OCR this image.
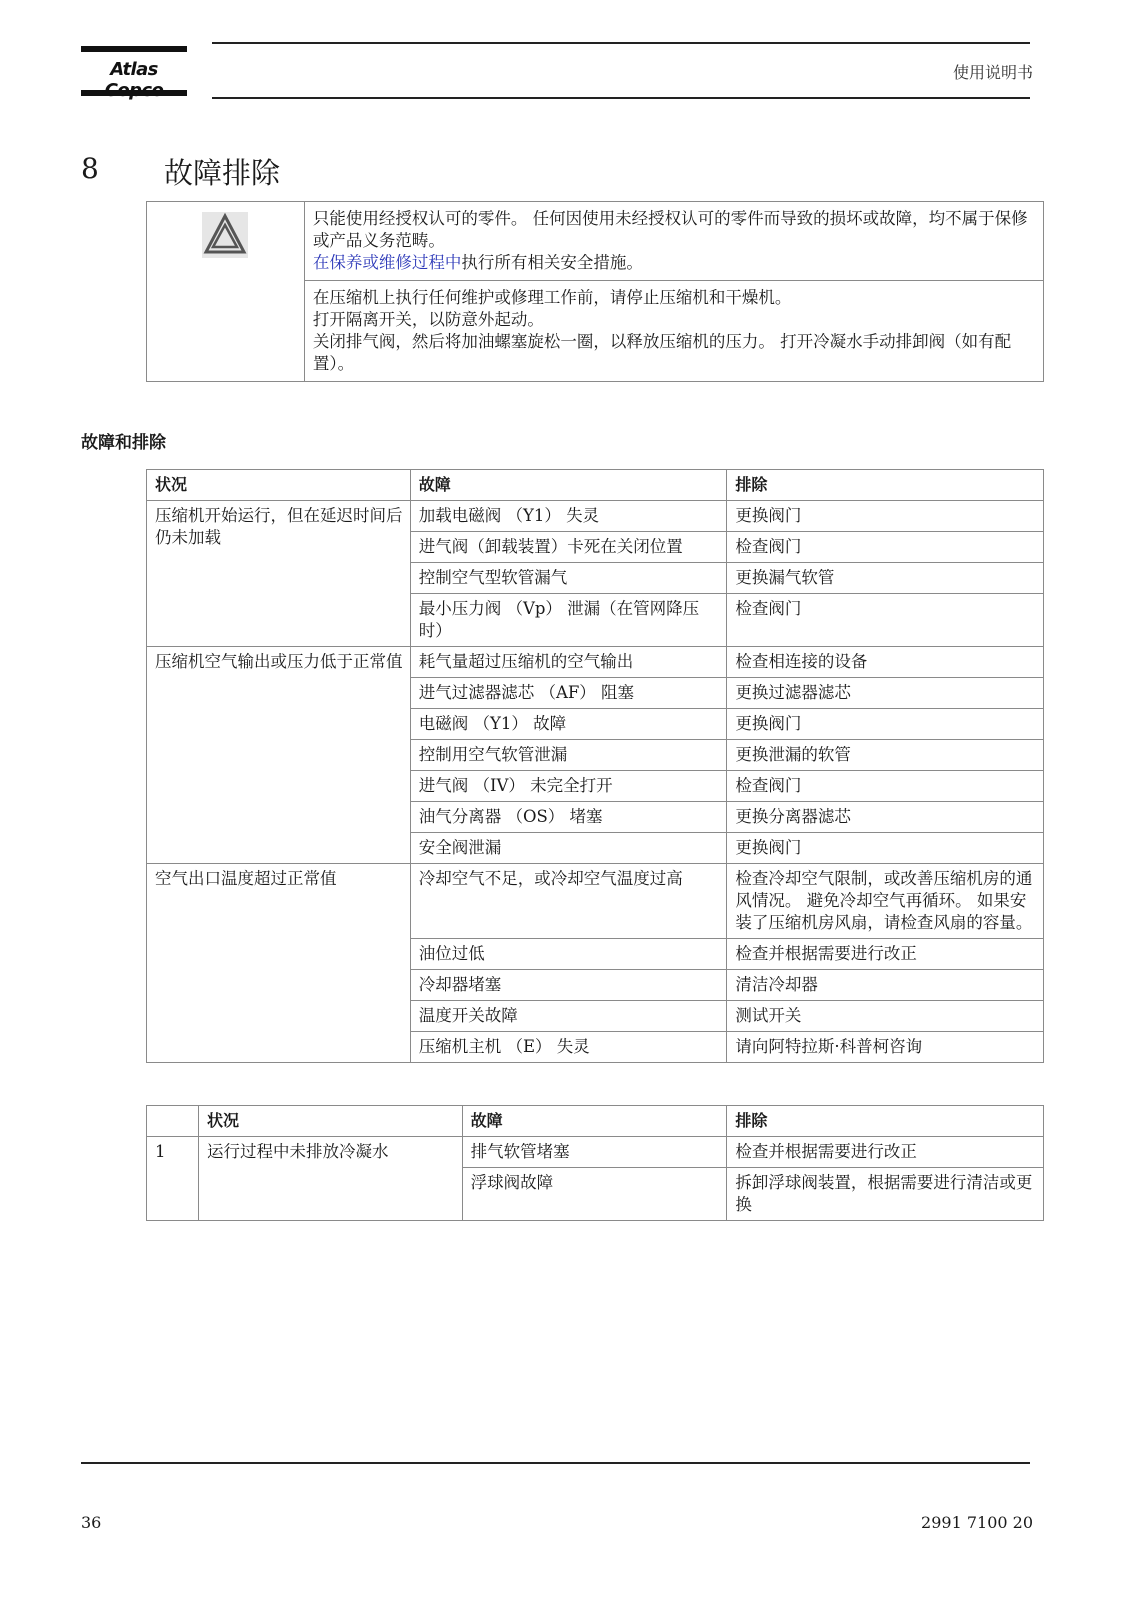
Atlas	使用说明书
8 故障排除

只能使用经授权认可的零件。 任何因使用未经授权认可的零件而导致的损坏或故障，均不属于保修或产品义务范畴。
在保养或维修过程中执行所有相关安全措施。

在压缩机上执行任何维护或修理工作前，请停止压缩机和干燥机。
打开隔离开关，以防意外起动。
关闭排气阀，然后将加油螺塞旋松一圈，以释放压缩机的压力。 打开冷凝水手动排卸阀（如有配置）。
故障和排除
状况	故障	排除
压缩机开始运行，但在延迟时间后仍未加载	加载电磁阀 （Y1） 失灵	更换阀门
	进气阀（卸载装置）卡死在关闭位置	检查阀门
	控制空气型软管漏气	更换漏气软管
	最小压力阀 （Vp） 泄漏（在管网降压时）	检查阀门
压缩机空气输出或压力低于正常值	耗气量超过压缩机的空气输出	检查相连接的设备
	进气过滤器滤芯 （AF） 阻塞	更换过滤器滤芯
	电磁阀 （Y1） 故障	更换阀门
	控制用空气软管泄漏	更换泄漏的软管
	进气阀 （IV） 未完全打开	检查阀门
	油气分离器 （OS） 堵塞	更换分离器滤芯
	安全阀泄漏	更换阀门
空气出口温度超过正常值	冷却空气不足，或冷却空气温度过高	检查冷却空气限制，或改善压缩机房的通风情况。 避免冷却空气再循环。 如果安装了压缩机房风扇，请检查风扇的容量。
	油位过低	检查并根据需要进行改正
	冷却器堵塞	清洁冷却器
	温度开关故障	测试开关
	压缩机主机 （E） 失灵	请向阿特拉斯·科普柯咨询
	状况	故障	排除
1	运行过程中未排放冷凝水	排气软管堵塞	检查并根据需要进行改正
		浮球阀故障	拆卸浮球阀装置，根据需要进行清洁或更换
36	2991 7100 20
